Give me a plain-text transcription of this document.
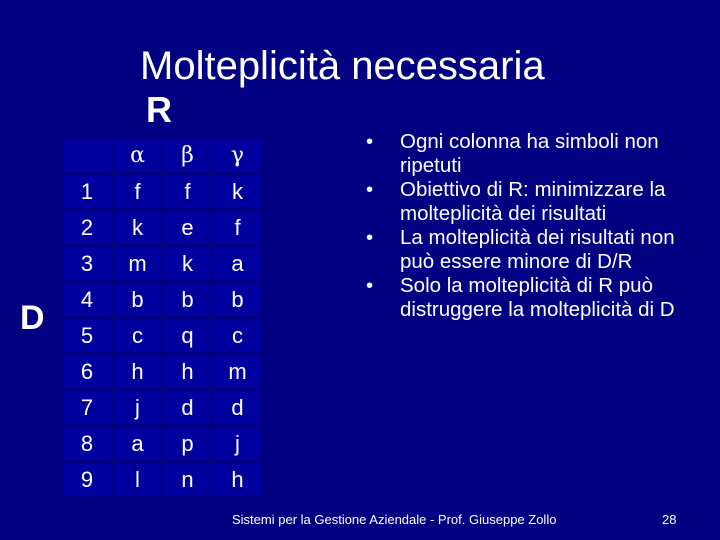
Molteplicità necessaria
R
D
	α	β	γ
1	f	f	k
2	k	e	f
3	m	k	a
4	b	b	b
5	c	q	c
6	h	h	m
7	j	d	d
8	a	p	j
9	l	n	h
• Ogni colonna ha simboli non ripetuti
• Obiettivo di R: minimizzare la molteplicità dei risultati
• La molteplicità dei risultati non può essere minore di D/R
• Solo la molteplicità di R può distruggere la molteplicità di D
Sistemi per la Gestione Aziendale - Prof. Giuseppe Zollo	28
